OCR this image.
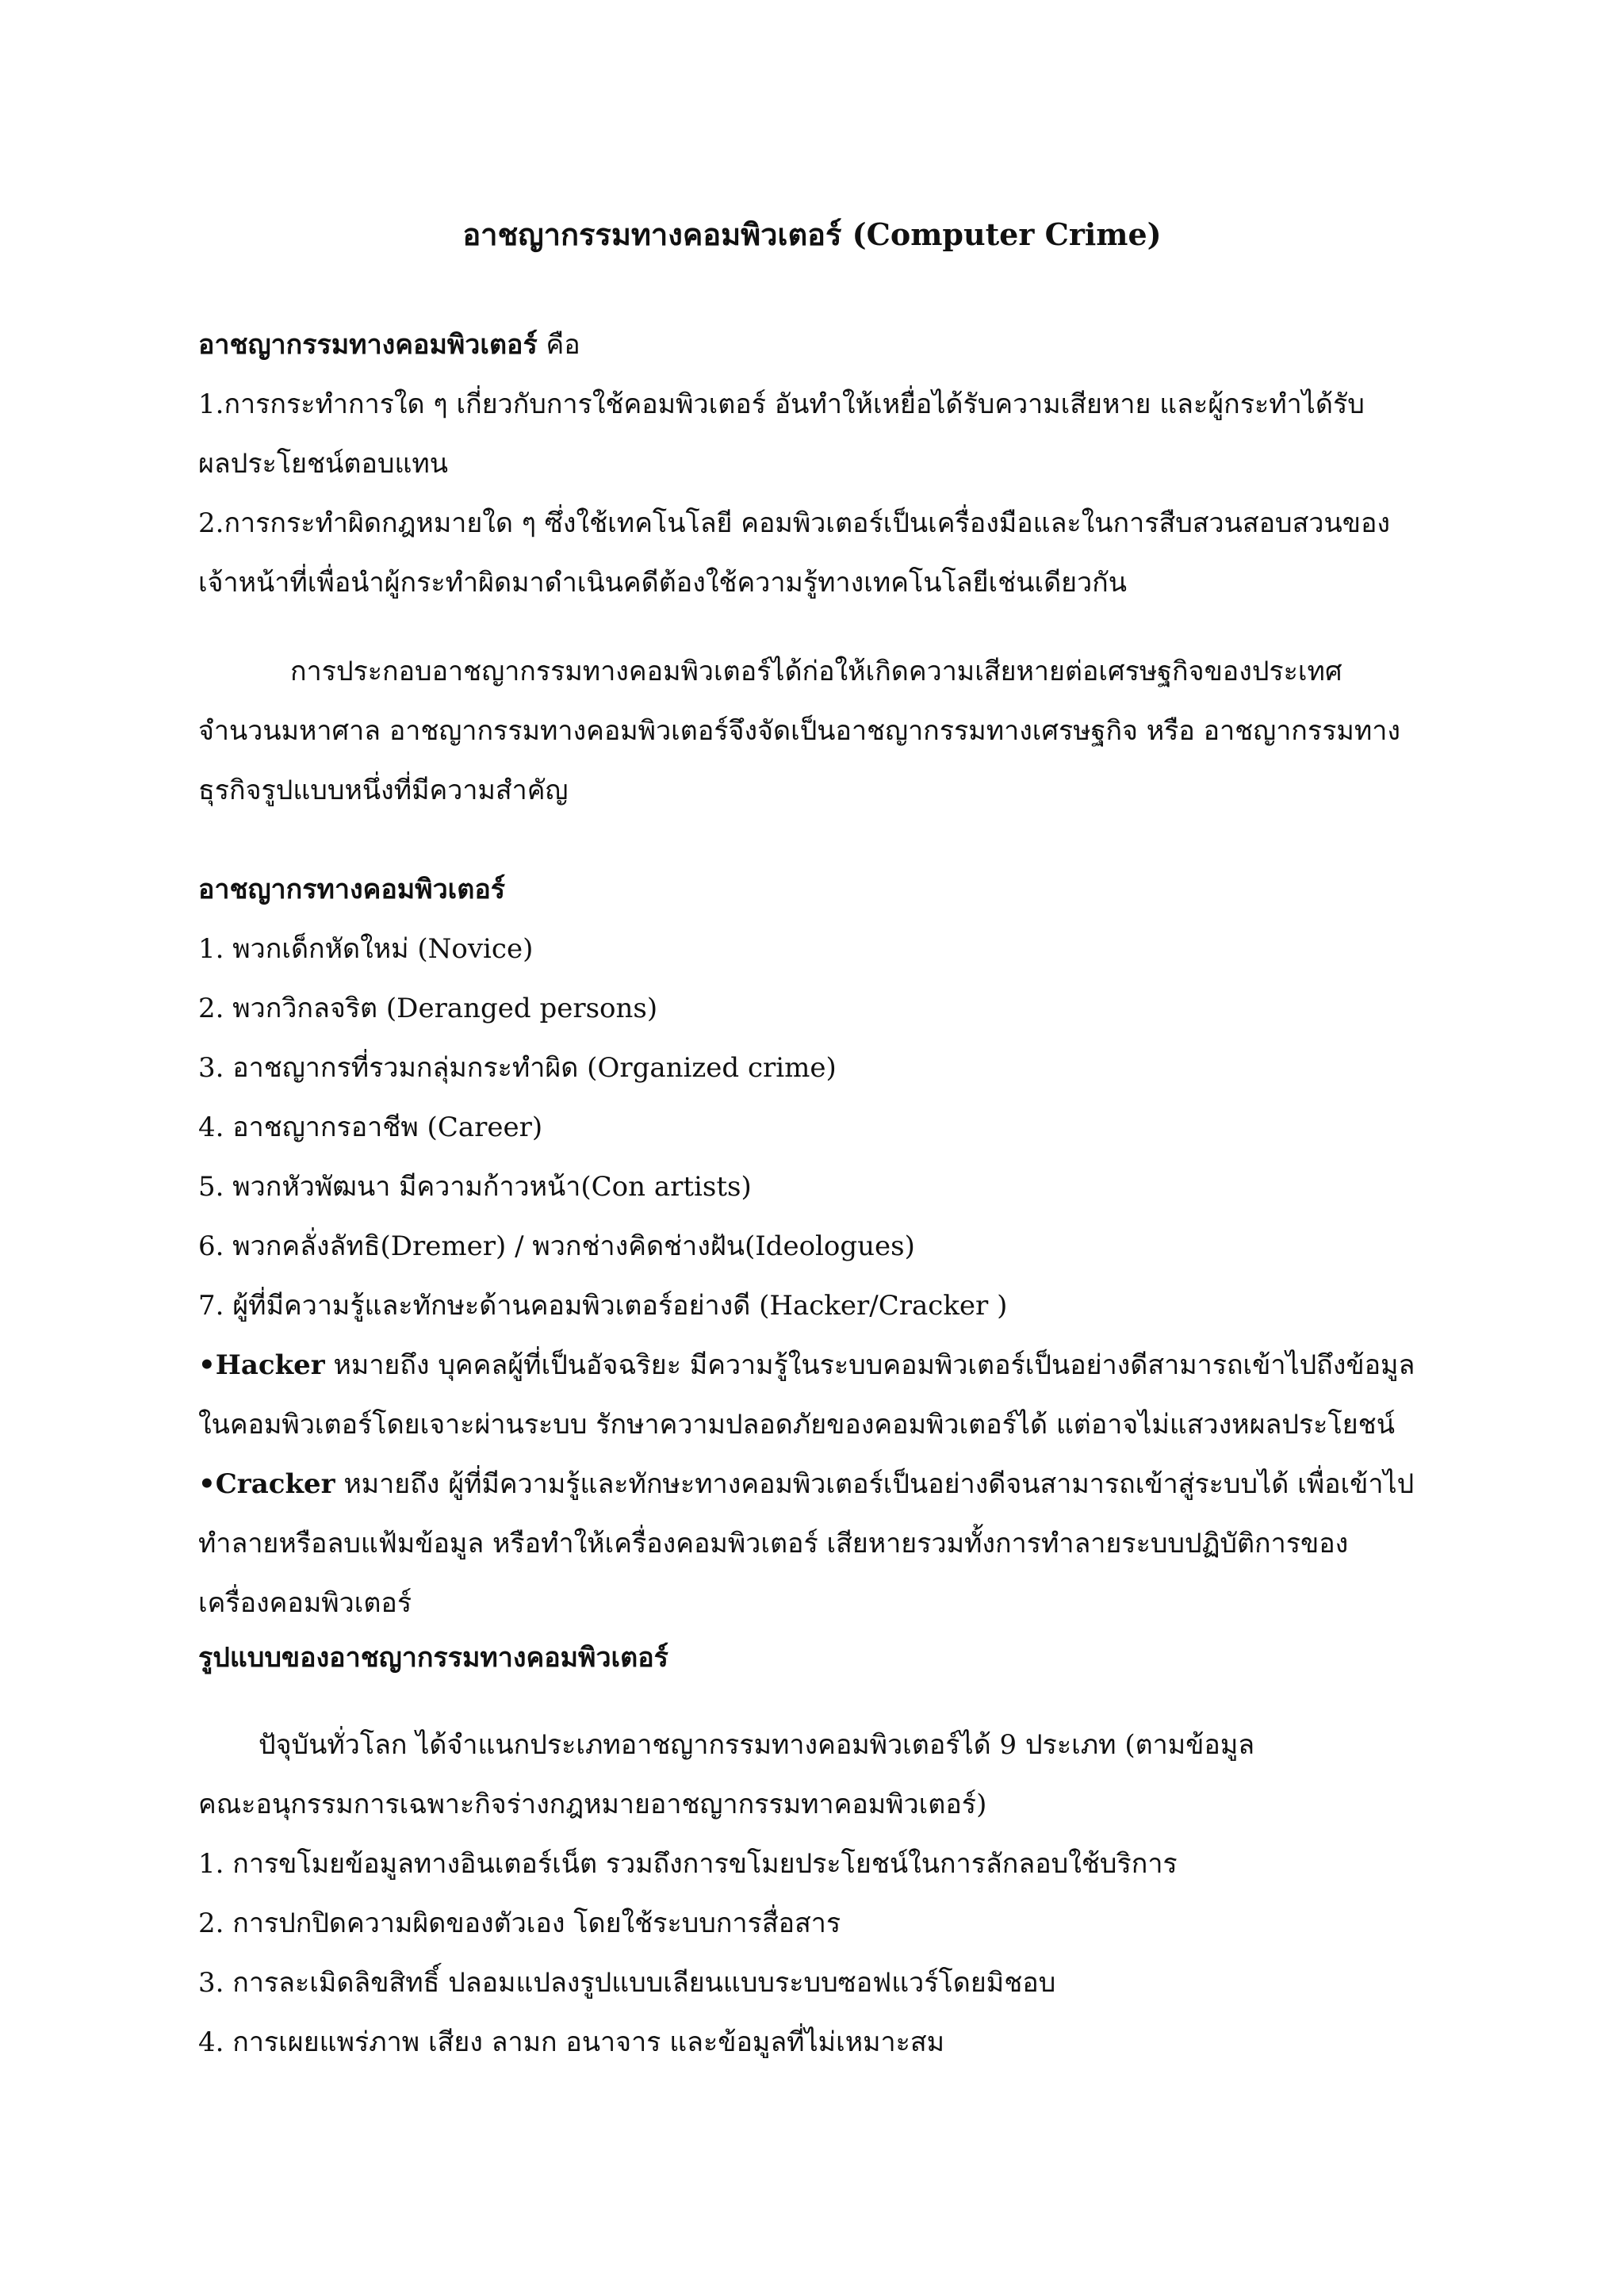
อาชญากรรมทางคอมพิวเตอร์ (Computer Crime)
อาชญากรรมทางคอมพิวเตอร์ คือ
1.การกระทำการใด ๆ เกี่ยวกับการใช้คอมพิวเตอร์ อันทำให้เหยื่อได้รับความเสียหาย และผู้กระทำได้รับ
ผลประโยชน์ตอบแทน
2.การกระทำผิดกฎหมายใด ๆ ซึ่งใช้เทคโนโลยี คอมพิวเตอร์เป็นเครื่องมือและในการสืบสวนสอบสวนของ
เจ้าหน้าที่เพื่อนำผู้กระทำผิดมาดำเนินคดีต้องใช้ความรู้ทางเทคโนโลยีเช่นเดียวกัน
การประกอบอาชญากรรมทางคอมพิวเตอร์ได้ก่อให้เกิดความเสียหายต่อเศรษฐกิจของประเทศ
จำนวนมหาศาล อาชญากรรมทางคอมพิวเตอร์จึงจัดเป็นอาชญากรรมทางเศรษฐกิจ หรือ อาชญากรรมทาง
ธุรกิจรูปแบบหนึ่งที่มีความสำคัญ
อาชญากรทางคอมพิวเตอร์
1. พวกเด็กหัดใหม่ (Novice)
2. พวกวิกลจริต (Deranged persons)
3. อาชญากรที่รวมกลุ่มกระทำผิด (Organized crime)
4. อาชญากรอาชีพ (Career)
5. พวกหัวพัฒนา มีความก้าวหน้า(Con artists)
6. พวกคลั่งลัทธิ(Dremer) / พวกช่างคิดช่างฝัน(Ideologues)
7. ผู้ที่มีความรู้และทักษะด้านคอมพิวเตอร์อย่างดี (Hacker/Cracker )
•Hacker หมายถึง บุคคลผู้ที่เป็นอัจฉริยะ มีความรู้ในระบบคอมพิวเตอร์เป็นอย่างดีสามารถเข้าไปถึงข้อมูล
ในคอมพิวเตอร์โดยเจาะผ่านระบบ รักษาความปลอดภัยของคอมพิวเตอร์ได้ แต่อาจไม่แสวงหผลประโยชน์
•Cracker หมายถึง ผู้ที่มีความรู้และทักษะทางคอมพิวเตอร์เป็นอย่างดีจนสามารถเข้าสู่ระบบได้ เพื่อเข้าไป
ทำลายหรือลบแฟ้มข้อมูล หรือทำให้เครื่องคอมพิวเตอร์ เสียหายรวมทั้งการทำลายระบบปฏิบัติการของ
เครื่องคอมพิวเตอร์
รูปแบบของอาชญากรรมทางคอมพิวเตอร์
ปัจุบันทั่วโลก ได้จำแนกประเภทอาชญากรรมทางคอมพิวเตอร์ได้ 9 ประเภท (ตามข้อมูล
คณะอนุกรรมการเฉพาะกิจร่างกฎหมายอาชญากรรมทาคอมพิวเตอร์)
1. การขโมยข้อมูลทางอินเตอร์เน็ต รวมถึงการขโมยประโยชน์ในการลักลอบใช้บริการ
2. การปกปิดความผิดของตัวเอง โดยใช้ระบบการสื่อสาร
3. การละเมิดลิขสิทธิ์ ปลอมแปลงรูปแบบเลียนแบบระบบซอฟแวร์โดยมิชอบ
4. การเผยแพร่ภาพ เสียง ลามก อนาจาร และข้อมูลที่ไม่เหมาะสม
